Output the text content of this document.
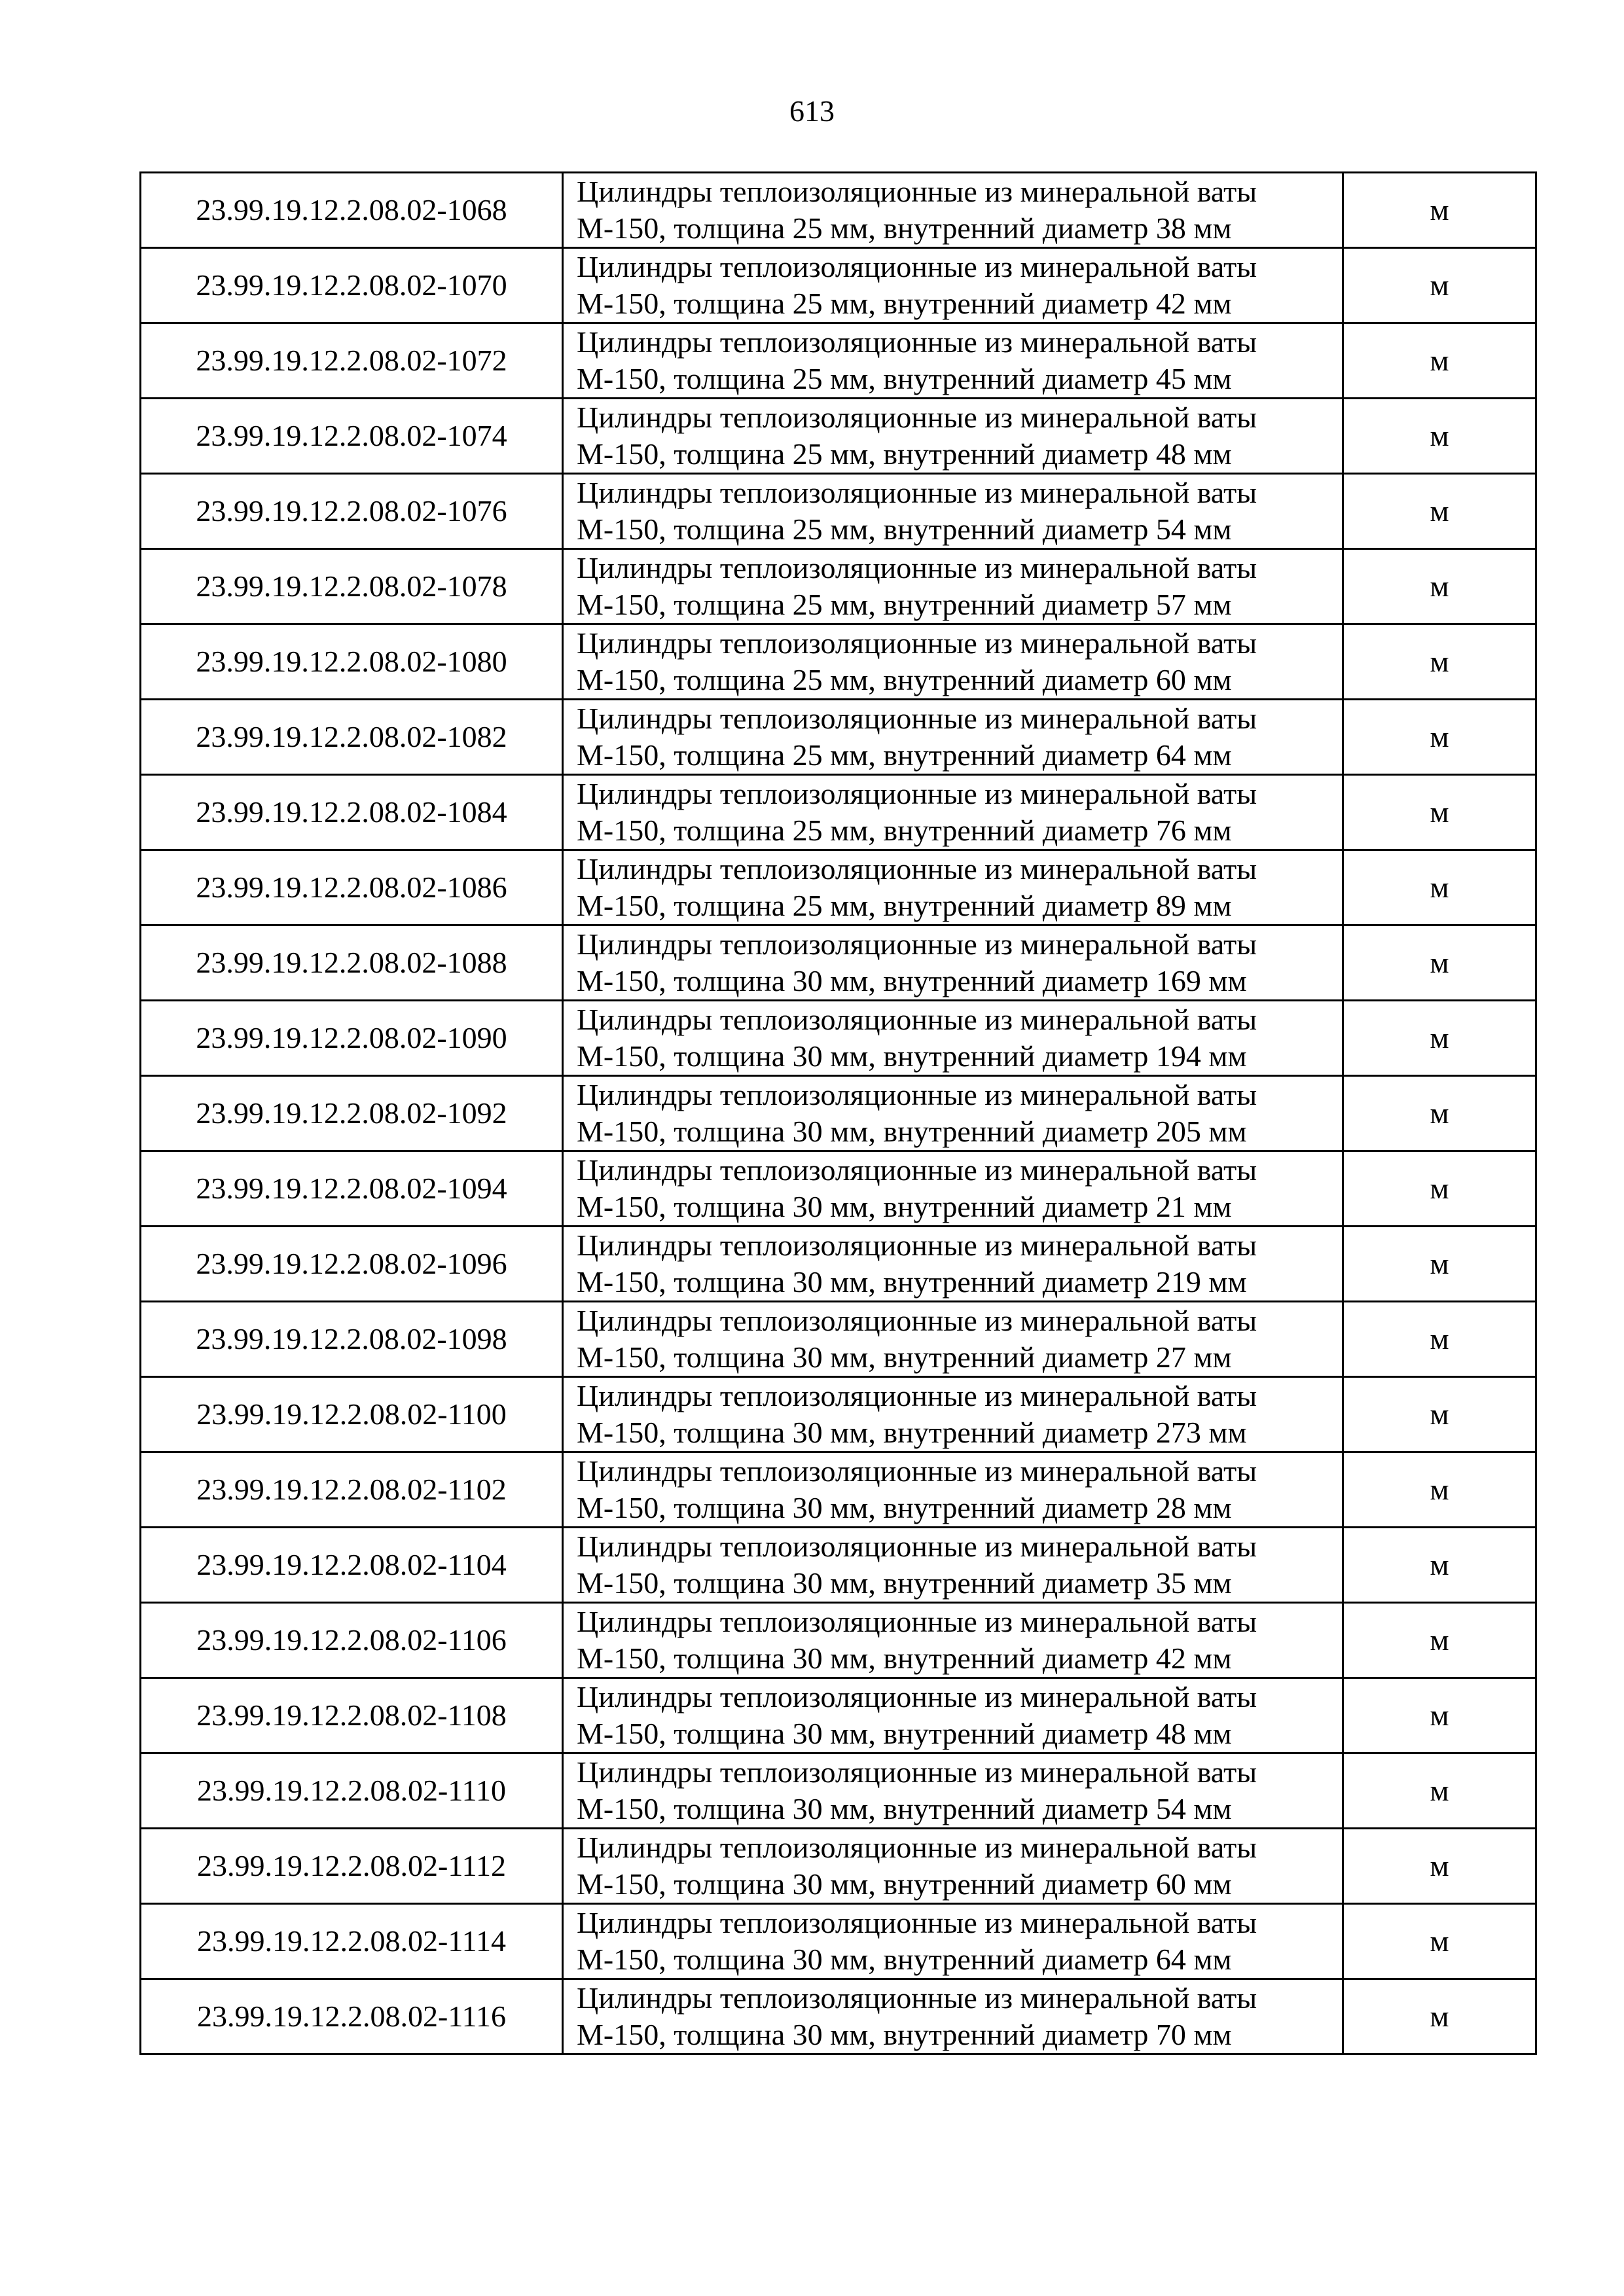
613
23.99.19.12.2.08.02-1068	Цилиндры теплоизоляционные из минеральной ваты
М-150, толщина 25 мм, внутренний диаметр 38 мм	м
23.99.19.12.2.08.02-1070	Цилиндры теплоизоляционные из минеральной ваты
М-150, толщина 25 мм, внутренний диаметр 42 мм	м
23.99.19.12.2.08.02-1072	Цилиндры теплоизоляционные из минеральной ваты
М-150, толщина 25 мм, внутренний диаметр 45 мм	м
23.99.19.12.2.08.02-1074	Цилиндры теплоизоляционные из минеральной ваты
М-150, толщина 25 мм, внутренний диаметр 48 мм	м
23.99.19.12.2.08.02-1076	Цилиндры теплоизоляционные из минеральной ваты
М-150, толщина 25 мм, внутренний диаметр 54 мм	м
23.99.19.12.2.08.02-1078	Цилиндры теплоизоляционные из минеральной ваты
М-150, толщина 25 мм, внутренний диаметр 57 мм	м
23.99.19.12.2.08.02-1080	Цилиндры теплоизоляционные из минеральной ваты
М-150, толщина 25 мм, внутренний диаметр 60 мм	м
23.99.19.12.2.08.02-1082	Цилиндры теплоизоляционные из минеральной ваты
М-150, толщина 25 мм, внутренний диаметр 64 мм	м
23.99.19.12.2.08.02-1084	Цилиндры теплоизоляционные из минеральной ваты
М-150, толщина 25 мм, внутренний диаметр 76 мм	м
23.99.19.12.2.08.02-1086	Цилиндры теплоизоляционные из минеральной ваты
М-150, толщина 25 мм, внутренний диаметр 89 мм	м
23.99.19.12.2.08.02-1088	Цилиндры теплоизоляционные из минеральной ваты
М-150, толщина 30 мм, внутренний диаметр 169 мм	м
23.99.19.12.2.08.02-1090	Цилиндры теплоизоляционные из минеральной ваты
М-150, толщина 30 мм, внутренний диаметр 194 мм	м
23.99.19.12.2.08.02-1092	Цилиндры теплоизоляционные из минеральной ваты
М-150, толщина 30 мм, внутренний диаметр 205 мм	м
23.99.19.12.2.08.02-1094	Цилиндры теплоизоляционные из минеральной ваты
М-150, толщина 30 мм, внутренний диаметр 21 мм	м
23.99.19.12.2.08.02-1096	Цилиндры теплоизоляционные из минеральной ваты
М-150, толщина 30 мм, внутренний диаметр 219 мм	м
23.99.19.12.2.08.02-1098	Цилиндры теплоизоляционные из минеральной ваты
М-150, толщина 30 мм, внутренний диаметр 27 мм	м
23.99.19.12.2.08.02-1100	Цилиндры теплоизоляционные из минеральной ваты
М-150, толщина 30 мм, внутренний диаметр 273 мм	м
23.99.19.12.2.08.02-1102	Цилиндры теплоизоляционные из минеральной ваты
М-150, толщина 30 мм, внутренний диаметр 28 мм	м
23.99.19.12.2.08.02-1104	Цилиндры теплоизоляционные из минеральной ваты
М-150, толщина 30 мм, внутренний диаметр 35 мм	м
23.99.19.12.2.08.02-1106	Цилиндры теплоизоляционные из минеральной ваты
М-150, толщина 30 мм, внутренний диаметр 42 мм	м
23.99.19.12.2.08.02-1108	Цилиндры теплоизоляционные из минеральной ваты
М-150, толщина 30 мм, внутренний диаметр 48 мм	м
23.99.19.12.2.08.02-1110	Цилиндры теплоизоляционные из минеральной ваты
М-150, толщина 30 мм, внутренний диаметр 54 мм	м
23.99.19.12.2.08.02-1112	Цилиндры теплоизоляционные из минеральной ваты
М-150, толщина 30 мм, внутренний диаметр 60 мм	м
23.99.19.12.2.08.02-1114	Цилиндры теплоизоляционные из минеральной ваты
М-150, толщина 30 мм, внутренний диаметр 64 мм	м
23.99.19.12.2.08.02-1116	Цилиндры теплоизоляционные из минеральной ваты
М-150, толщина 30 мм, внутренний диаметр 70 мм	м
